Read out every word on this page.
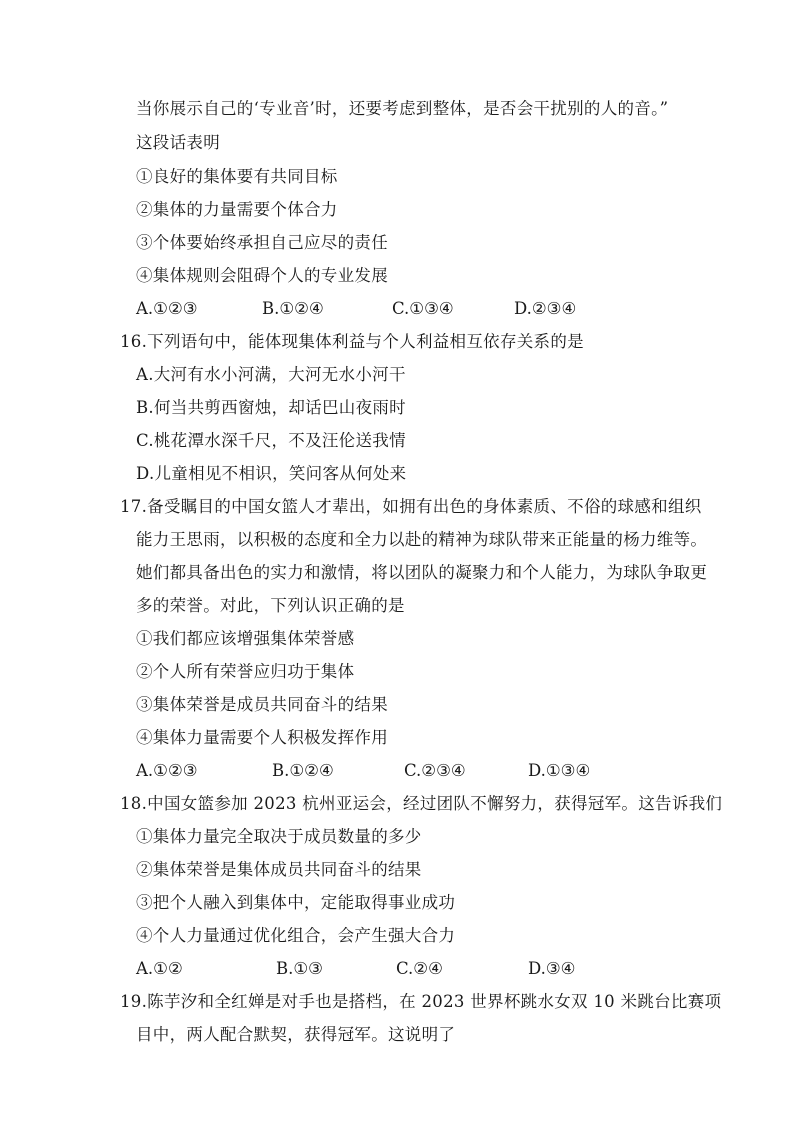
当你展示自己的‘专业音’时，还要考虑到整体，是否会干扰别的人的音。”
这段话表明
①良好的集体要有共同目标
②集体的力量需要个体合力
③个体要始终承担自己应尽的责任
④集体规则会阻碍个人的专业发展
A.①②③	B.①②④	C.①③④	D.②③④
16.下列语句中，能体现集体利益与个人利益相互依存关系的是
A.大河有水小河满，大河无水小河干
B.何当共剪西窗烛，却话巴山夜雨时
C.桃花潭水深千尺，不及汪伦送我情
D.儿童相见不相识，笑问客从何处来
17.备受瞩目的中国女篮人才辈出，如拥有出色的身体素质、不俗的球感和组织
能力王思雨，以积极的态度和全力以赴的精神为球队带来正能量的杨力维等。
她们都具备出色的实力和激情，将以团队的凝聚力和个人能力，为球队争取更
多的荣誉。对此，下列认识正确的是
①我们都应该增强集体荣誉感
②个人所有荣誉应归功于集体
③集体荣誉是成员共同奋斗的结果
④集体力量需要个人积极发挥作用
A.①②③	B.①②④	C.②③④	D.①③④
18.中国女篮参加 2023 杭州亚运会，经过团队不懈努力，获得冠军。这告诉我们
①集体力量完全取决于成员数量的多少
②集体荣誉是集体成员共同奋斗的结果
③把个人融入到集体中，定能取得事业成功
④个人力量通过优化组合，会产生强大合力
A.①②	B.①③	C.②④	D.③④
19.陈芋汐和全红婵是对手也是搭档，在 2023 世界杯跳水女双 10 米跳台比赛项
目中，两人配合默契，获得冠军。这说明了
